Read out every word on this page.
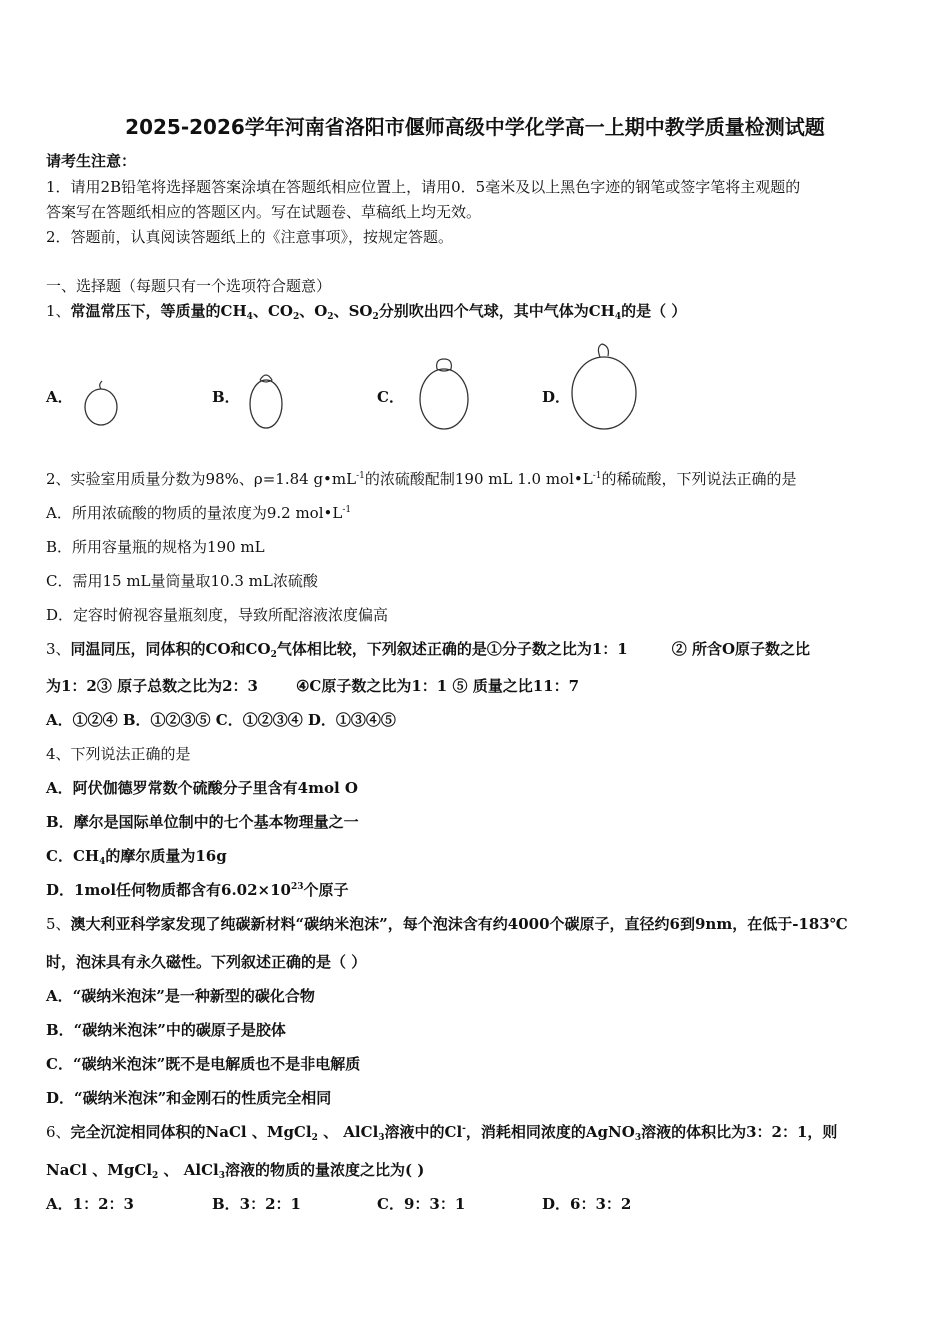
2025-2026学年河南省洛阳市偃师高级中学化学高一上期中教学质量检测试题
请考生注意：
1．请用2B铅笔将选择题答案涂填在答题纸相应位置上，请用0．5毫米及以上黑色字迹的钢笔或签字笔将主观题的
答案写在答题纸相应的答题区内。写在试题卷、草稿纸上均无效。
2．答题前，认真阅读答题纸上的《注意事项》，按规定答题。
一、选择题（每题只有一个选项符合题意）
1、常温常压下，等质量的$CH_4$、$CO_2$、$O_2$、$SO_2$分别吹出四个气球，其中气体为$CH_4$的是（ ）
A．	B．	C．	D．
2、实验室用质量分数为98%、ρ=1.84 $g•mL^{-1}$的浓硫酸配制190 mL 1.0 $mol•L^{-1}$的稀硫酸，下列说法正确的是
A．所用浓硫酸的物质的量浓度为9.2 $mol•L^{-1}$
B．所用容量瓶的规格为190 mL
C．需用15 mL量筒量取10.3 mL浓硫酸
D．定容时俯视容量瓶刻度，导致所配溶液浓度偏高
3、同温同压，同体积的CO和$CO_2$气体相比较，下列叙述正确的是①分子数之比为1：1	② 所含O原子数之比
为1：2③ 原子总数之比为2：3	④C原子数之比为1：1 ⑤ 质量之比11：7
A．①②④ B．①②③⑤ C．①②③④ D．①③④⑤
4、下列说法正确的是
A．阿伏伽德罗常数个硫酸分子里含有4mol O
B．摩尔是国际单位制中的七个基本物理量之一
C．$CH_4$的摩尔质量为16g
D．1mol任何物质都含有$6.02\times 10^{23}$个原子
5、澳大利亚科学家发现了纯碳新材料“碳纳米泡沫”，每个泡沫含有约4000个碳原子，直径约6到9nm，在低于-183℃
时，泡沫具有永久磁性。下列叙述正确的是（ ）
A．“碳纳米泡沫”是一种新型的碳化合物
B．“碳纳米泡沫”中的碳原子是胶体
C．“碳纳米泡沫”既不是电解质也不是非电解质
D．“碳纳米泡沫”和金刚石的性质完全相同
6、完全沉淀相同体积的NaCl 、MgCl$_2$ 、 AlCl$_3$溶液中的Cl-，消耗相同浓度的AgNO$_3$溶液的体积比为3：2：1，则
NaCl 、MgCl$_2$ 、 AlCl$_3$溶液的物质的量浓度之比为( )
A．1：2：3	B．3：2：1	C．9：3：1	D．6：3：2
